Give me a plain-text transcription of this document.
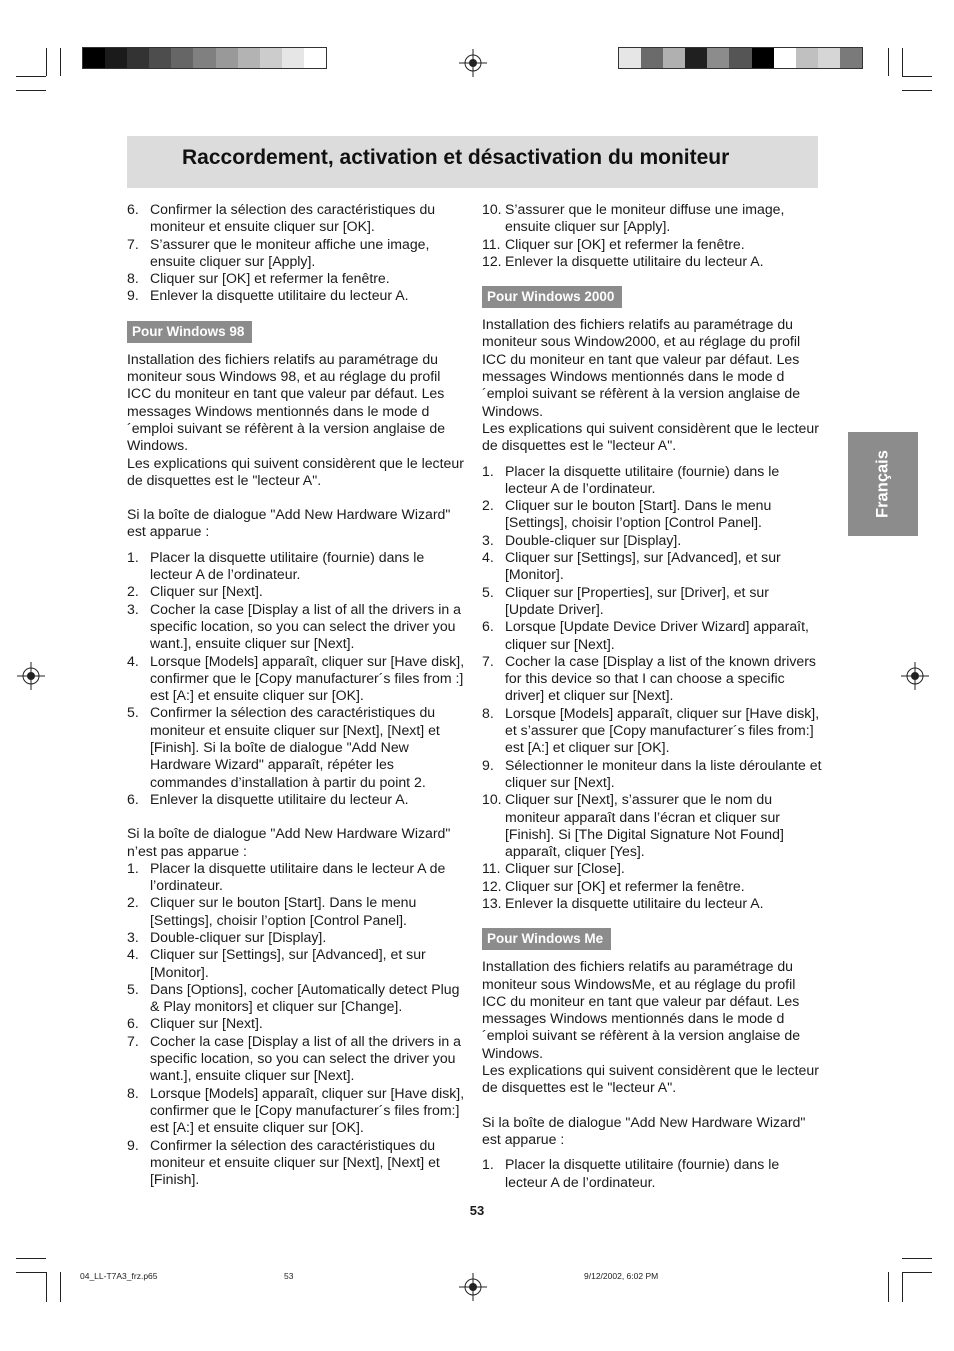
Raccordement, activation et désactivation du moniteur
6. Confirmer la sélection des caractéristiques du moniteur et ensuite cliquer sur [OK].
7. S’assurer que le moniteur affiche une image, ensuite cliquer sur [Apply].
8. Cliquer sur [OK] et refermer la fenêtre.
9. Enlever la disquette utilitaire du lecteur A.

Pour Windows 98

Installation des fichiers relatifs au paramétrage du moniteur sous Windows 98, et au réglage du profil ICC du moniteur en tant que valeur par défaut. Les messages Windows mentionnés dans le mode d´emploi suivant se réfèrent à la version anglaise de Windows.

Les explications qui suivent considèrent que le lecteur de disquettes est le "lecteur A".

Si la boîte de dialogue "Add New Hardware Wizard" est apparue :

1. Placer la disquette utilitaire (fournie) dans le lecteur A de l’ordinateur.
2. Cliquer sur [Next].
3. Cocher la case [Display a list of all the drivers in a specific location, so you can select the driver you want.], ensuite cliquer sur [Next].
4. Lorsque [Models] apparaît, cliquer sur [Have disk], confirmer que le [Copy manufacturer´s files from :] est [A:] et ensuite cliquer sur [OK].
5. Confirmer la sélection des caractéristiques du moniteur et ensuite cliquer sur [Next], [Next] et [Finish]. Si la boîte de dialogue "Add New Hardware Wizard" apparaît, répéter les commandes d’installation à partir du point 2.
6. Enlever la disquette utilitaire du lecteur A.

Si la boîte de dialogue "Add New Hardware Wizard" n’est pas apparue :

1. Placer la disquette utilitaire dans le lecteur A de l’ordinateur.
2. Cliquer sur le bouton [Start]. Dans le menu [Settings], choisir l’option [Control Panel].
3. Double-cliquer sur [Display].
4. Cliquer sur [Settings], sur [Advanced], et sur [Monitor].
5. Dans [Options], cocher [Automatically detect Plug & Play monitors] et cliquer sur [Change].
6. Cliquer sur [Next].
7. Cocher la case [Display a list of all the drivers in a specific location, so you can select the driver you want.], ensuite cliquer sur [Next].
8. Lorsque [Models] apparaît, cliquer sur [Have disk], confirmer que le [Copy manufacturer´s files from:] est [A:] et ensuite cliquer sur [OK].
9. Confirmer la sélection des caractéristiques du moniteur et ensuite cliquer sur [Next], [Next] et [Finish].
10. S’assurer que le moniteur diffuse une image, ensuite cliquer sur [Apply].
11. Cliquer sur [OK] et refermer la fenêtre.
12. Enlever la disquette utilitaire du lecteur A.

Pour Windows 2000

Installation des fichiers relatifs au paramétrage du moniteur sous Window2000, et au réglage du profil ICC du moniteur en tant que valeur par défaut. Les messages Windows mentionnés dans le mode d´emploi suivant se réfèrent à la version anglaise de Windows.

Les explications qui suivent considèrent que le lecteur de disquettes est le "lecteur A".

1. Placer la disquette utilitaire (fournie) dans le lecteur A de l’ordinateur.
2. Cliquer sur le bouton [Start]. Dans le menu [Settings], choisir l’option [Control Panel].
3. Double-cliquer sur [Display].
4. Cliquer sur [Settings], sur [Advanced], et sur [Monitor].
5. Cliquer sur [Properties], sur [Driver], et sur [Update Driver].
6. Lorsque [Update Device Driver Wizard] apparaît, cliquer sur [Next].
7. Cocher la case [Display a list of the known drivers for this device so that I can choose a specific driver] et cliquer sur [Next].
8. Lorsque [Models] apparaît, cliquer sur [Have disk], et s’assurer que [Copy manufacturer´s files from:] est [A:] et cliquer sur [OK].
9. Sélectionner le moniteur dans la liste déroulante et cliquer sur [Next].
10. Cliquer sur [Next], s’assurer que le nom du moniteur apparaît dans l’écran et cliquer sur [Finish]. Si [The Digital Signature Not Found] apparaît, cliquer [Yes].
11. Cliquer sur [Close].
12. Cliquer sur [OK] et refermer la fenêtre.
13. Enlever la disquette utilitaire du lecteur A.

Pour Windows Me

Installation des fichiers relatifs au paramétrage du moniteur sous WindowsMe, et au réglage du profil ICC du moniteur en tant que valeur par défaut. Les messages Windows mentionnés dans le mode d´emploi suivant se réfèrent à la version anglaise de Windows.

Les explications qui suivent considèrent que le lecteur de disquettes est le "lecteur A".

Si la boîte de dialogue "Add New Hardware Wizard" est apparue :

1. Placer la disquette utilitaire (fournie) dans le lecteur A de l’ordinateur.
Français
53
04_LL-T7A3_frz.p65	53	9/12/2002, 6:02 PM
